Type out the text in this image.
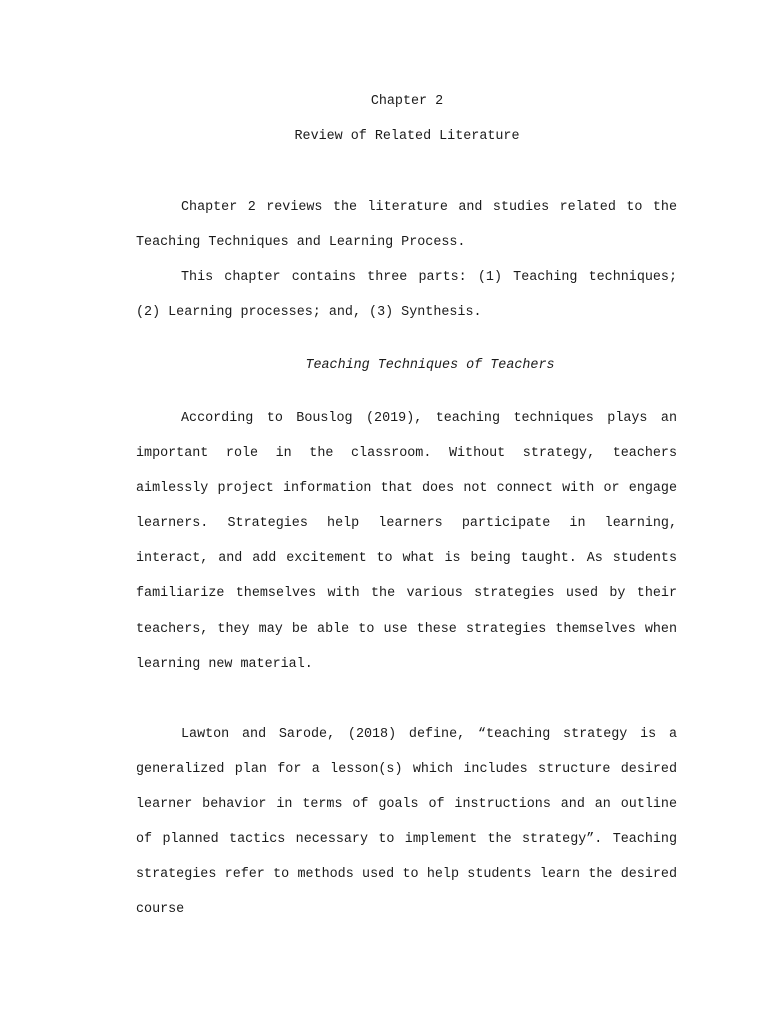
Chapter 2
Review of Related Literature

Chapter 2 reviews the literature and studies related to the Teaching Techniques and Learning Process.

This chapter contains three parts: (1) Teaching techniques; (2) Learning processes; and, (3) Synthesis.

Teaching Techniques of Teachers

According to Bouslog (2019), teaching techniques plays an important role in the classroom. Without strategy, teachers aimlessly project information that does not connect with or engage learners. Strategies help learners participate in learning, interact, and add excitement to what is being taught. As students familiarize themselves with the various strategies used by their teachers, they may be able to use these strategies themselves when learning new material.

Lawton and Sarode, (2018) define, “teaching strategy is a generalized plan for a lesson(s) which includes structure desired learner behavior in terms of goals of instructions and an outline of planned tactics necessary to implement the strategy”. Teaching strategies refer to methods used to help students learn the desired course
